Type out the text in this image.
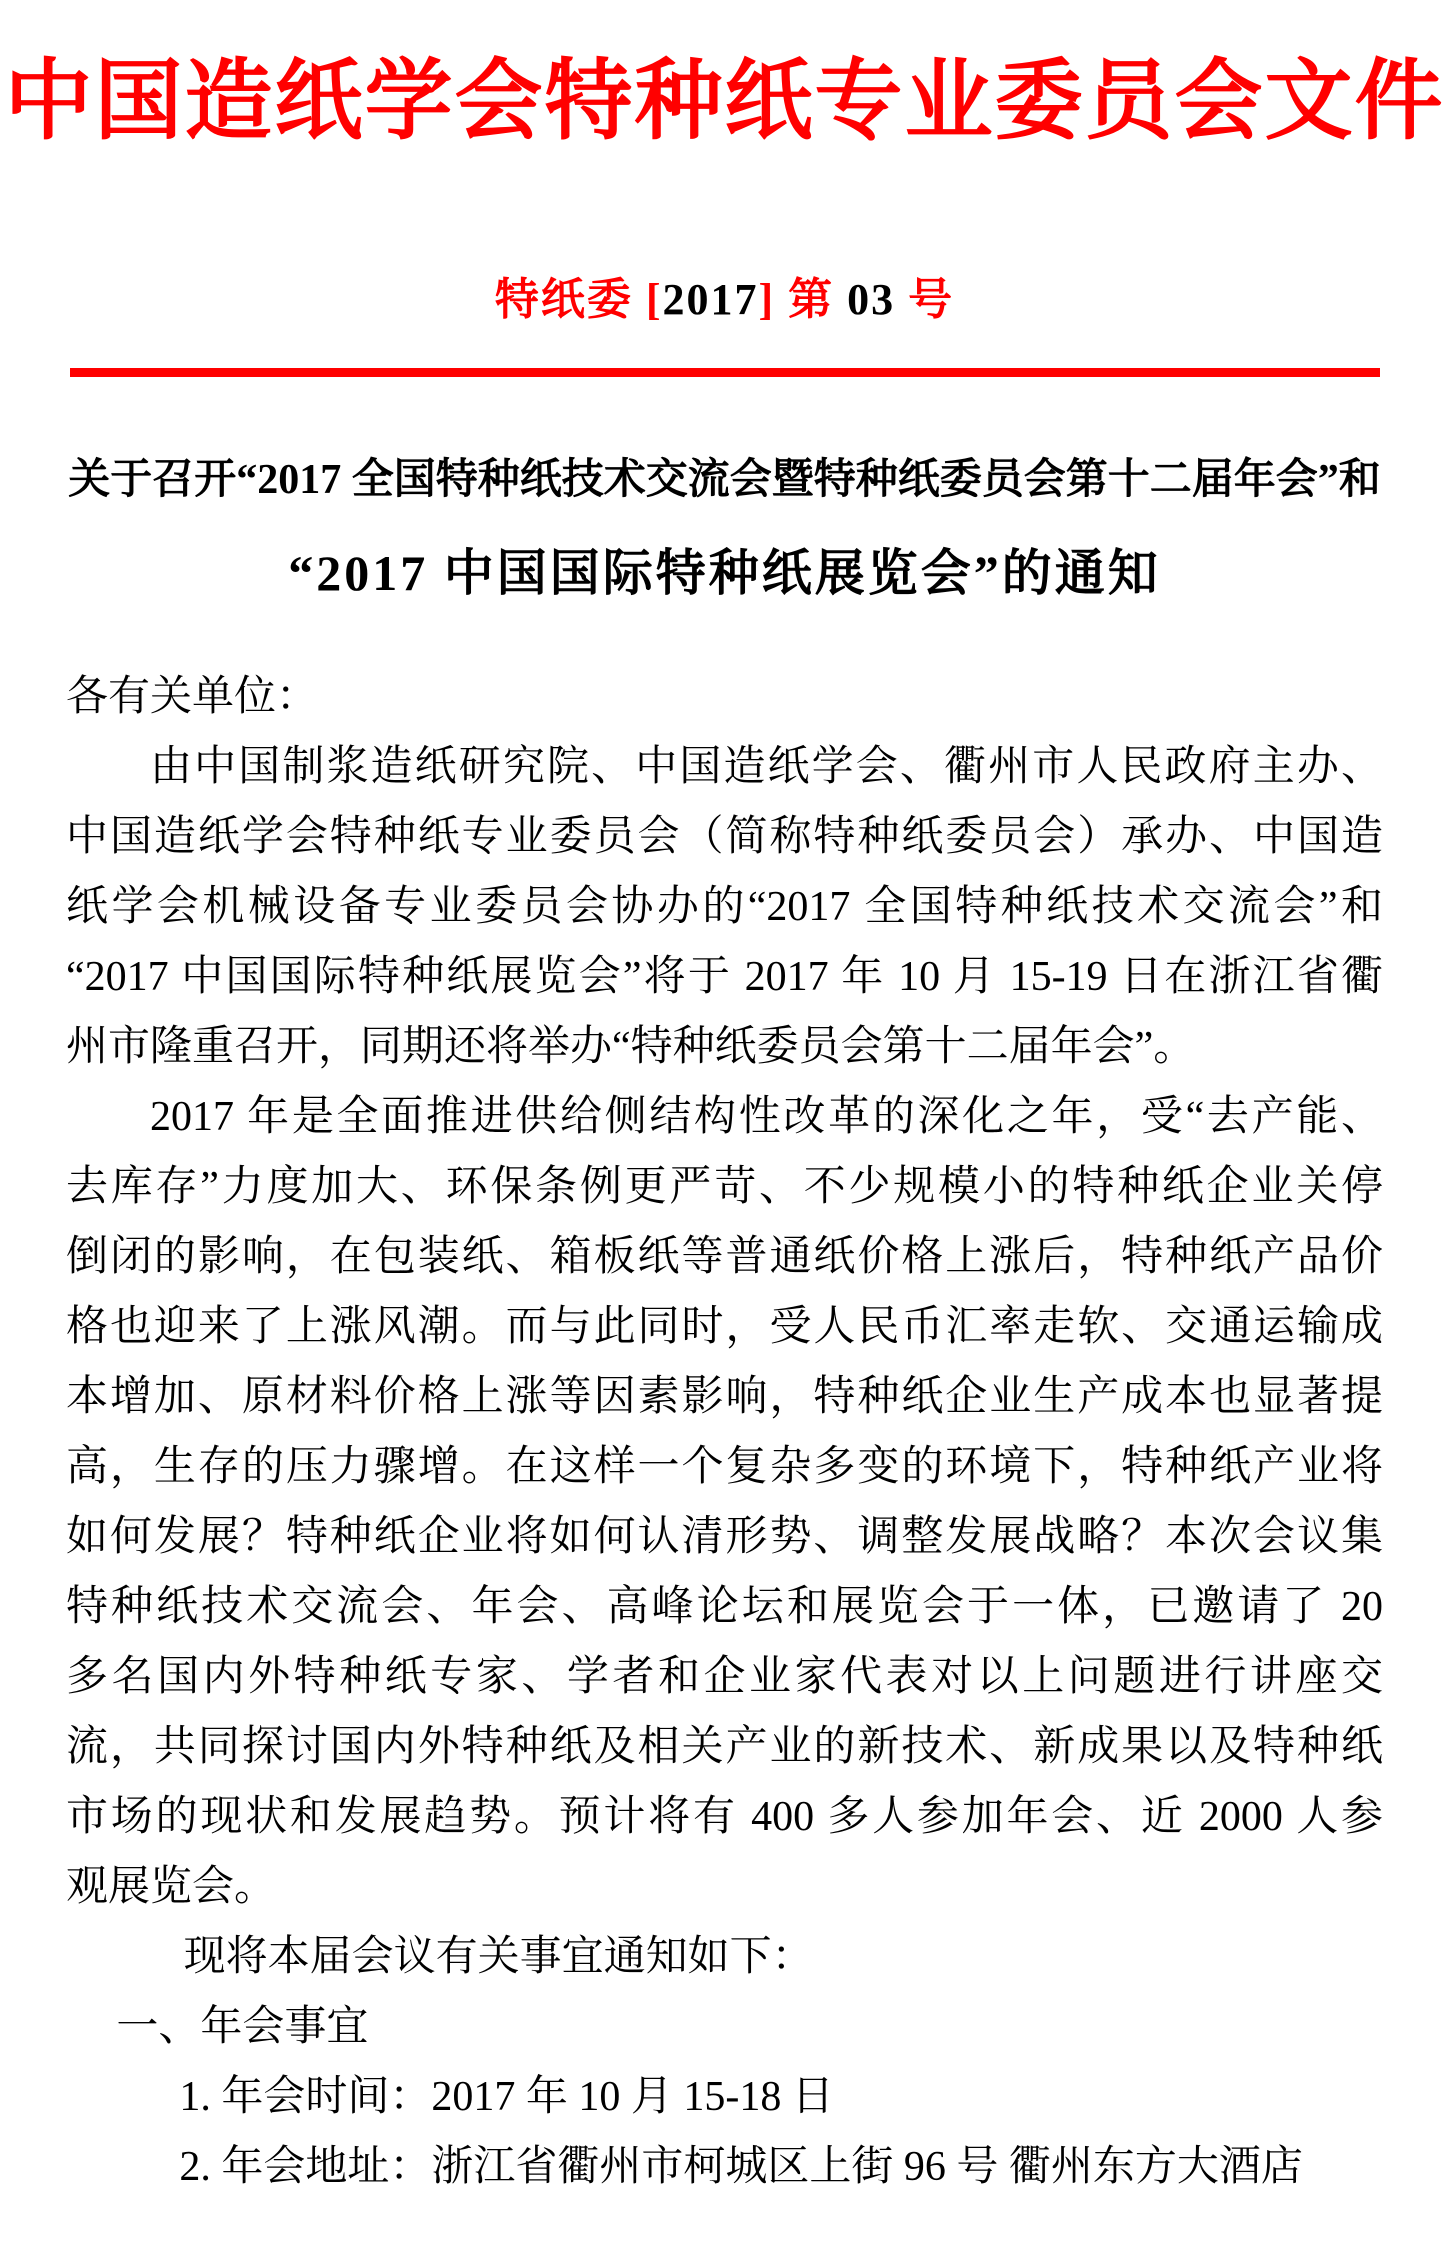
中国造纸学会特种纸专业委员会文件
特纸委 [2017] 第 03 号
关于召开“2017 全国特种纸技术交流会暨特种纸委员会第十二届年会”和
“2017 中国国际特种纸展览会”的通知
各有关单位：
由中国制浆造纸研究院、中国造纸学会、衢州市人民政府主办、
中国造纸学会特种纸专业委员会（简称特种纸委员会）承办、中国造
纸学会机械设备专业委员会协办的“2017 全国特种纸技术交流会”和
“2017 中国国际特种纸展览会”将于 2017 年 10 月 15-19 日在浙江省衢
州市隆重召开，同期还将举办“特种纸委员会第十二届年会”。
2017 年是全面推进供给侧结构性改革的深化之年，受“去产能、
去库存”力度加大、环保条例更严苛、不少规模小的特种纸企业关停
倒闭的影响，在包装纸、箱板纸等普通纸价格上涨后，特种纸产品价
格也迎来了上涨风潮。而与此同时，受人民币汇率走软、交通运输成
本增加、原材料价格上涨等因素影响，特种纸企业生产成本也显著提
高，生存的压力骤增。在这样一个复杂多变的环境下，特种纸产业将
如何发展？特种纸企业将如何认清形势、调整发展战略？本次会议集
特种纸技术交流会、年会、高峰论坛和展览会于一体，已邀请了 20
多名国内外特种纸专家、学者和企业家代表对以上问题进行讲座交
流，共同探讨国内外特种纸及相关产业的新技术、新成果以及特种纸
市场的现状和发展趋势。预计将有 400 多人参加年会、近 2000 人参
观展览会。
现将本届会议有关事宜通知如下：
一、年会事宜
1. 年会时间：2017 年 10 月 15-18 日
2. 年会地址：浙江省衢州市柯城区上街 96 号 衢州东方大酒店
